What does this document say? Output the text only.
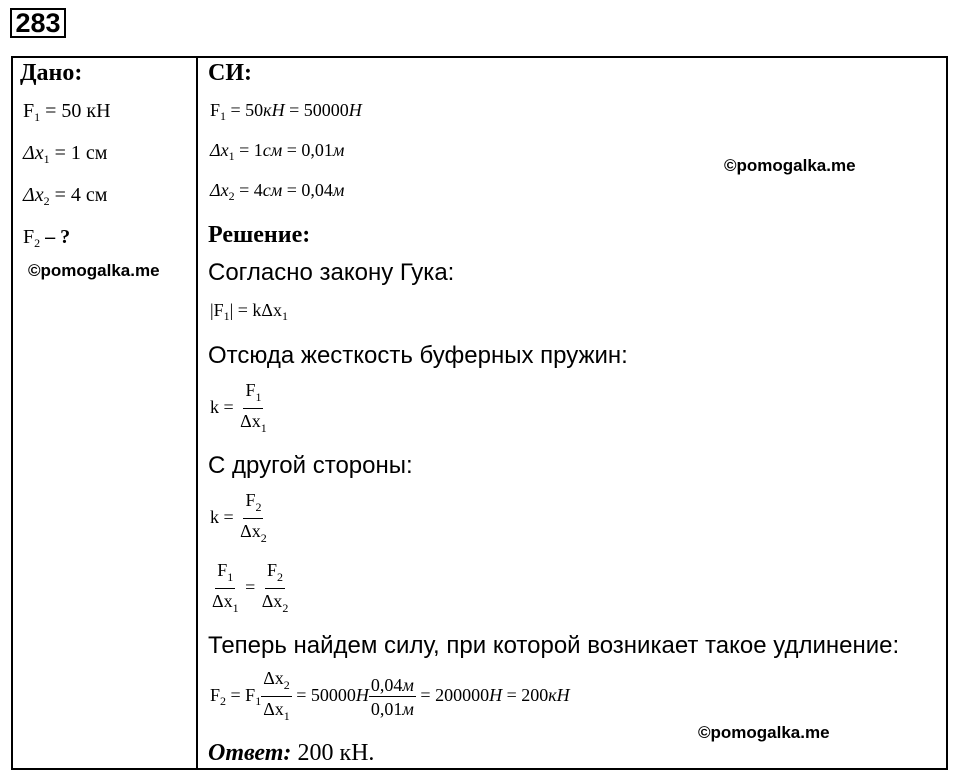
283
Дано:
$F_1 = 50$ кН
$\Delta x_1 = 1$ см
$\Delta x_2 = 4$ см
$F_2$ – ?
©pomogalka.me
СИ:
$F_1 = 50кН = 50000Н$
$\Delta x_1 = 1см = 0,01м$
$\Delta x_2 = 4см = 0,04м$
©pomogalka.me
Решение:
Согласно закону Гука:
$|F_1| = k\Delta x_1$
Отсюда жесткость буферных пружин:
$k = \frac{F_1}{\Delta x_1}$
С другой стороны:
$k = \frac{F_2}{\Delta x_2}$
$\frac{F_1}{\Delta x_1} = \frac{F_2}{\Delta x_2}$
Теперь найдем силу, при которой возникает такое удлинение:
$F_2 = F_1 \frac{\Delta x_2}{\Delta x_1} = 50000Н \frac{0,04м}{0,01м} = 200000Н = 200кН$
©pomogalka.me
Ответ: 200 кН.
